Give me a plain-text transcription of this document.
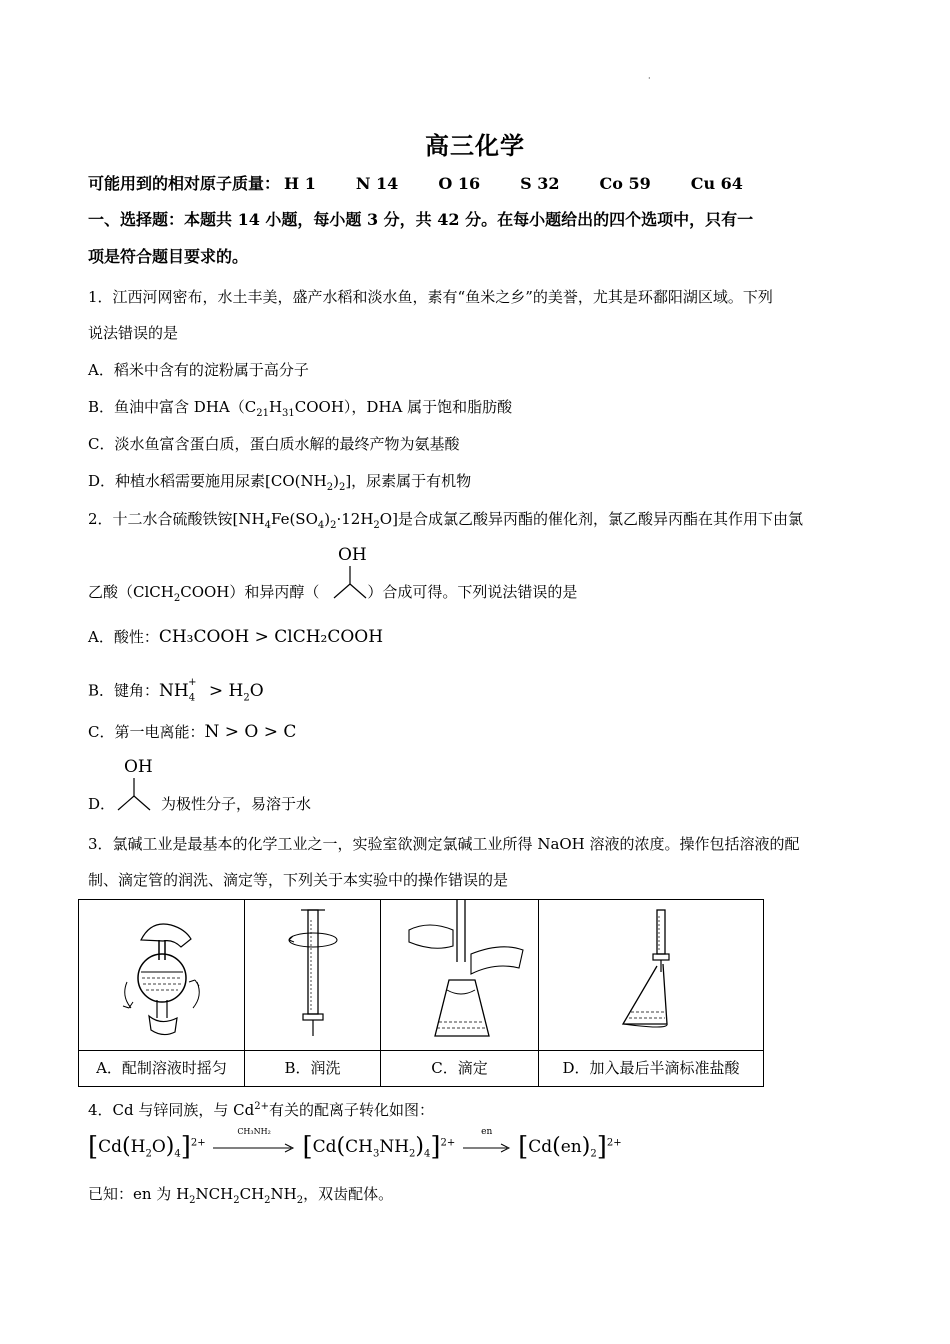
·
高三化学
可能用到的相对原子质量： H 1	N 14	O 16	S 32	Co 59	Cu 64
一、选择题：本题共 14 小题，每小题 3 分，共 42 分。在每小题给出的四个选项中，只有一
项是符合题目要求的。
1．江西河网密布，水土丰美，盛产水稻和淡水鱼，素有“鱼米之乡”的美誉，尤其是环鄱阳湖区域。下列
说法错误的是
A．稻米中含有的淀粉属于高分子
B．鱼油中富含 $DHA(C_{21}H_{31}COOH)$，DHA 属于饱和脂肪酸
C．淡水鱼富含蛋白质，蛋白质水解的最终产物为氨基酸
D．种植水稻需要施用尿素$[CO(NH_2)_2]$，尿素属于有机物
2．十二水合硫酸铁铵$[NH_4Fe(SO_4)_2\cdot 12H_2O]$是合成氯乙酸异丙酯的催化剂，氯乙酸异丙酯在其作用下由氯
OH
乙酸（ClCH$_2$COOH）和异丙醇（	）合成可得。下列说法错误的是
A．酸性：CH₃COOH > ClCH₂COOH
B．键角：$NH_4^+ > H_2O$
C．第一电离能：N > O > C
OH
D．	为极性分子，易溶于水
3．氯碱工业是最基本的化学工业之一，实验室欲测定氯碱工业所得 NaOH 溶液的浓度。操作包括溶液的配
制、滴定管的润洗、滴定等，下列关于本实验中的操作错误的是
A．配制溶液时摇匀	B．润洗	C．滴定	D．加入最后半滴标准盐酸
4．Cd 与锌同族，与 $Cd^{2+}$有关的配离子转化如图：
$[Cd(H_2O)_4]^{2+}$
CH₃NH₂
$[Cd(CH_3NH_2)_4]^{2+}$
en
$[Cd(en)_2]^{2+}$
已知：en 为 $H_2NCH_2CH_2NH_2$，双齿配体。
